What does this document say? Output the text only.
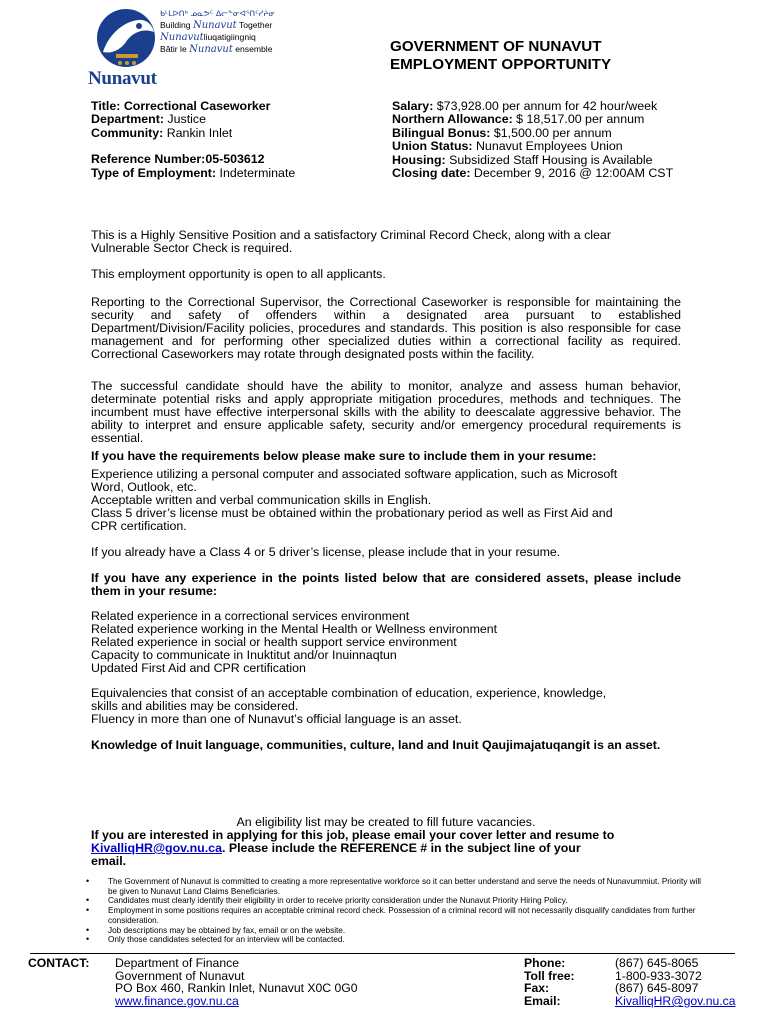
ᑲᒻᒪᐅᑎᒃ ᓄᓇᕗᑦ ᐃᓕᓐᓂᐊᕐᑎᑦᓯᔨᓂ
Building Nunavut Together
Nunavutliuqatigiingniq
Bâtir le Nunavut ensemble
Nunavut
GOVERNMENT OF NUNAVUT
EMPLOYMENT OPPORTUNITY
Title: Correctional Caseworker
Department: Justice
Community: Rankin Inlet
Reference Number:05-503612
Type of Employment: Indeterminate
Salary: $73,928.00 per annum for 42 hour/week
Northern Allowance: $ 18,517.00 per annum
Bilingual Bonus: $1,500.00 per annum
Union Status: Nunavut Employees Union
Housing: Subsidized Staff Housing is Available
Closing date: December 9, 2016 @ 12:00AM CST

This is a Highly Sensitive Position and a satisfactory Criminal Record Check, along with a clear

Vulnerable Sector Check is required.

This employment opportunity is open to all applicants.
Reporting to the Correctional Supervisor, the Correctional Caseworker is responsible for maintaining the security and safety of offenders within a designated area pursuant to established Department/Division/Facility policies, procedures and standards. This position is also responsible for case management and for performing other specialized duties within a correctional facility as required. Correctional Caseworkers may rotate through designated posts within the facility.
The successful candidate should have the ability to monitor, analyze and assess human behavior, determinate potential risks and apply appropriate mitigation procedures, methods and techniques. The incumbent must have effective interpersonal skills with the ability to deescalate aggressive behavior. The ability to interpret and ensure applicable safety, security and/or emergency procedural requirements is essential.
If you have the requirements below please make sure to include them in your resume:

Experience utilizing a personal computer and associated software application, such as Microsoft

Word, Outlook, etc.

Acceptable written and verbal communication skills in English.

Class 5 driver’s license must be obtained within the probationary period as well as First Aid and

CPR certification.

If you already have a Class 4 or 5 driver’s license, please include that in your resume.
If you have any experience in the points listed below that are considered assets, please include them in your resume:

Related experience in a correctional services environment

Related experience working in the Mental Health or Wellness environment

Related experience in social or health support service environment

Capacity to communicate in Inuktitut and/or Inuinnaqtun

Updated First Aid and CPR certification

Equivalencies that consist of an acceptable combination of education, experience, knowledge,

skills and abilities may be considered.

Fluency in more than one of Nunavut’s official language is an asset.

Knowledge of Inuit language, communities, culture, land and Inuit Qaujimajatuqangit is an asset.
An eligibility list may be created to fill future vacancies.

If you are interested in applying for this job, please email your cover letter and resume to

KivalliqHR@gov.nu.ca. Please include the REFERENCE # in the subject line of your

email.

• The Government of Nunavut is committed to creating a more representative workforce so it can better understand and serve the needs of Nunavummiut. Priority will be given to Nunavut Land Claims Beneficiaries.
• Candidates must clearly identify their eligibility in order to receive priority consideration under the Nunavut Priority Hiring Policy.
• Employment in some positions requires an acceptable criminal record check. Possession of a criminal record will not necessarily disqualify candidates from further consideration.
• Job descriptions may be obtained by fax, email or on the website.
• Only those candidates selected for an interview will be contacted.
CONTACT: Department of Finance
Government of Nunavut
PO Box 460, Rankin Inlet, Nunavut X0C 0G0
www.finance.gov.nu.ca
Phone:
Toll free:
Fax:
Email:
(867) 645-8065
1-800-933-3072
(867) 645-8097
KivalliqHR@gov.nu.ca
